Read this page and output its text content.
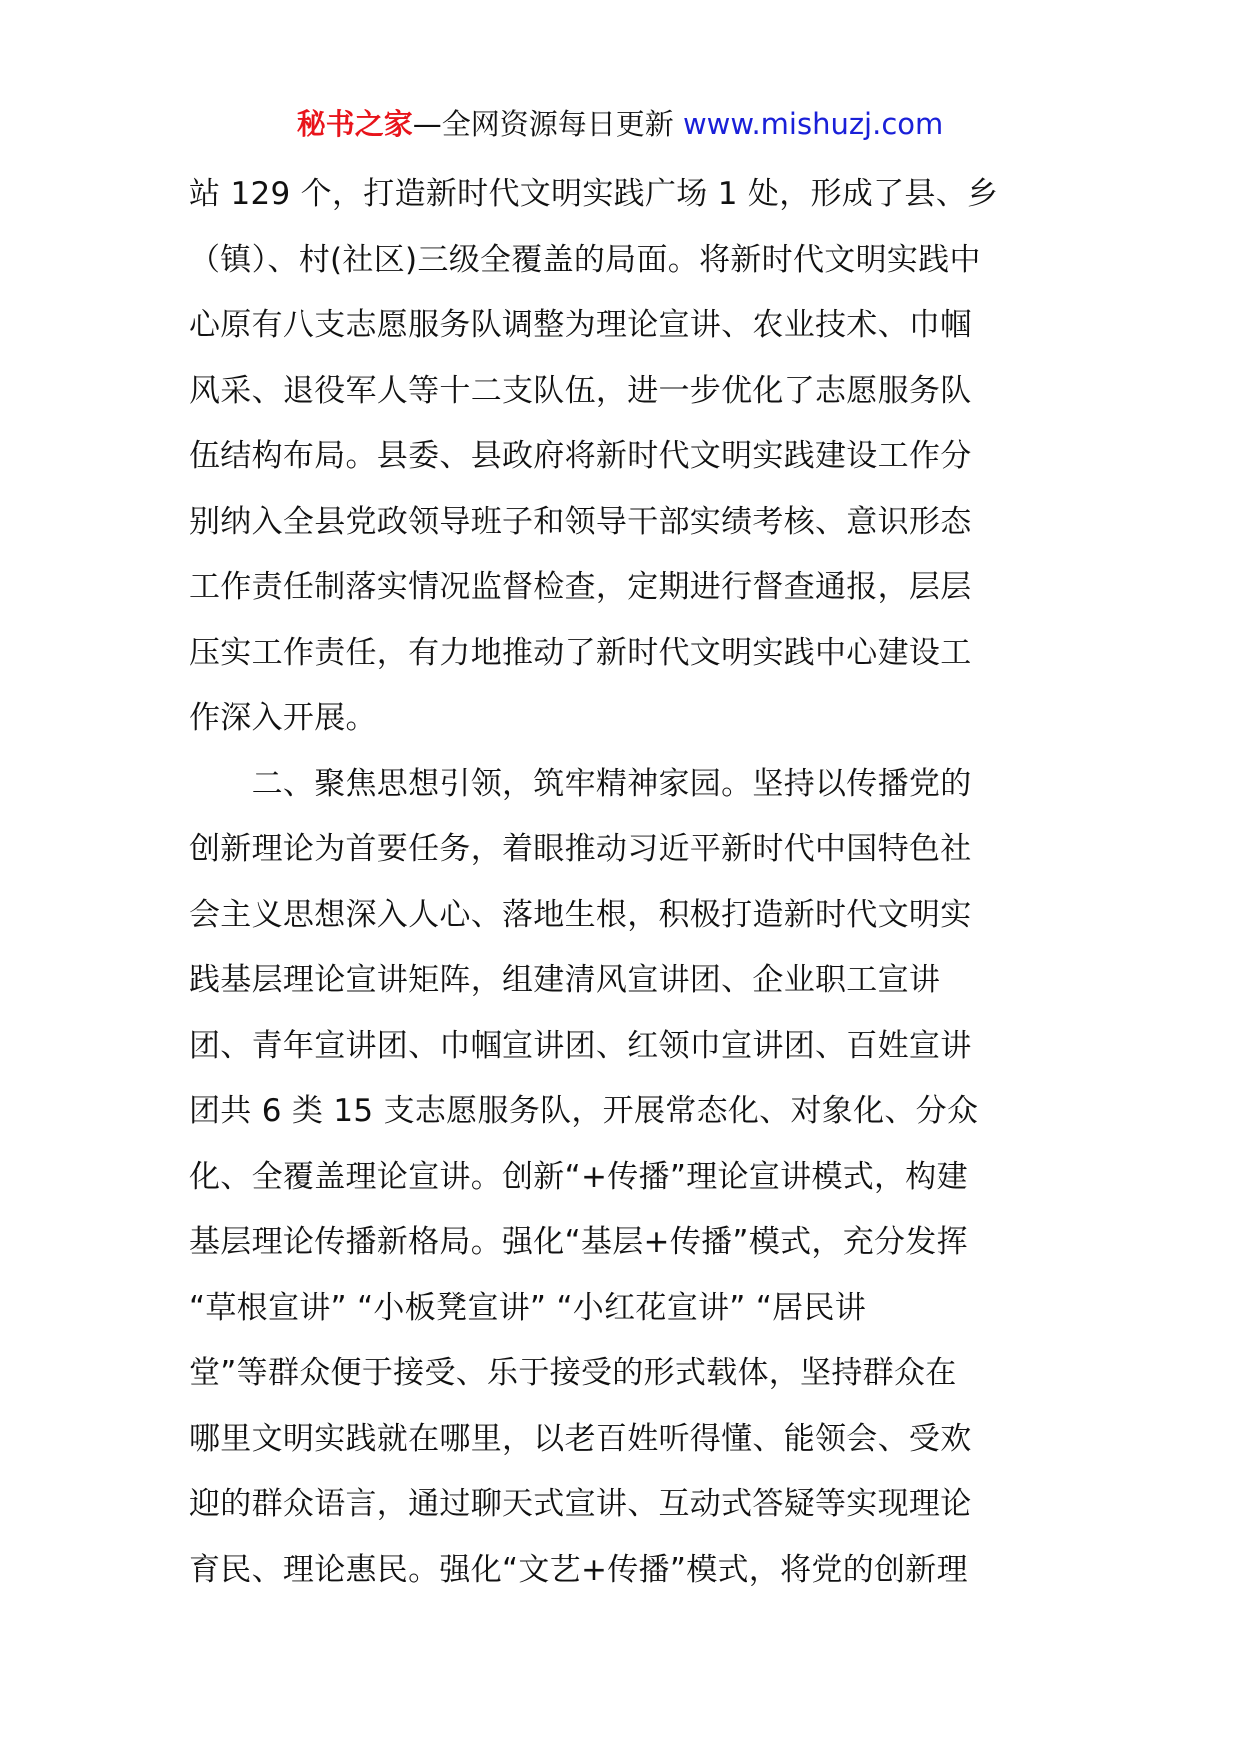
秘书之家—全网资源每日更新 www.mishuzj.com
站 129 个，打造新时代文明实践广场 1 处，形成了县、乡
（镇）、村(社区)三级全覆盖的局面。将新时代文明实践中
心原有八支志愿服务队调整为理论宣讲、农业技术、巾帼
风采、退役军人等十二支队伍，进一步优化了志愿服务队
伍结构布局。县委、县政府将新时代文明实践建设工作分
别纳入全县党政领导班子和领导干部实绩考核、意识形态
工作责任制落实情况监督检查，定期进行督查通报，层层
压实工作责任，有力地推动了新时代文明实践中心建设工
作深入开展。
　　二、聚焦思想引领，筑牢精神家园。坚持以传播党的
创新理论为首要任务，着眼推动习近平新时代中国特色社
会主义思想深入人心、落地生根，积极打造新时代文明实
践基层理论宣讲矩阵，组建清风宣讲团、企业职工宣讲
团、青年宣讲团、巾帼宣讲团、红领巾宣讲团、百姓宣讲
团共 6 类 15 支志愿服务队，开展常态化、对象化、分众
化、全覆盖理论宣讲。创新“+传播”理论宣讲模式，构建
基层理论传播新格局。强化“基层+传播”模式，充分发挥
“草根宣讲” “小板凳宣讲” “小红花宣讲” “居民讲
堂”等群众便于接受、乐于接受的形式载体，坚持群众在
哪里文明实践就在哪里，以老百姓听得懂、能领会、受欢
迎的群众语言，通过聊天式宣讲、互动式答疑等实现理论
育民、理论惠民。强化“文艺+传播”模式，将党的创新理
